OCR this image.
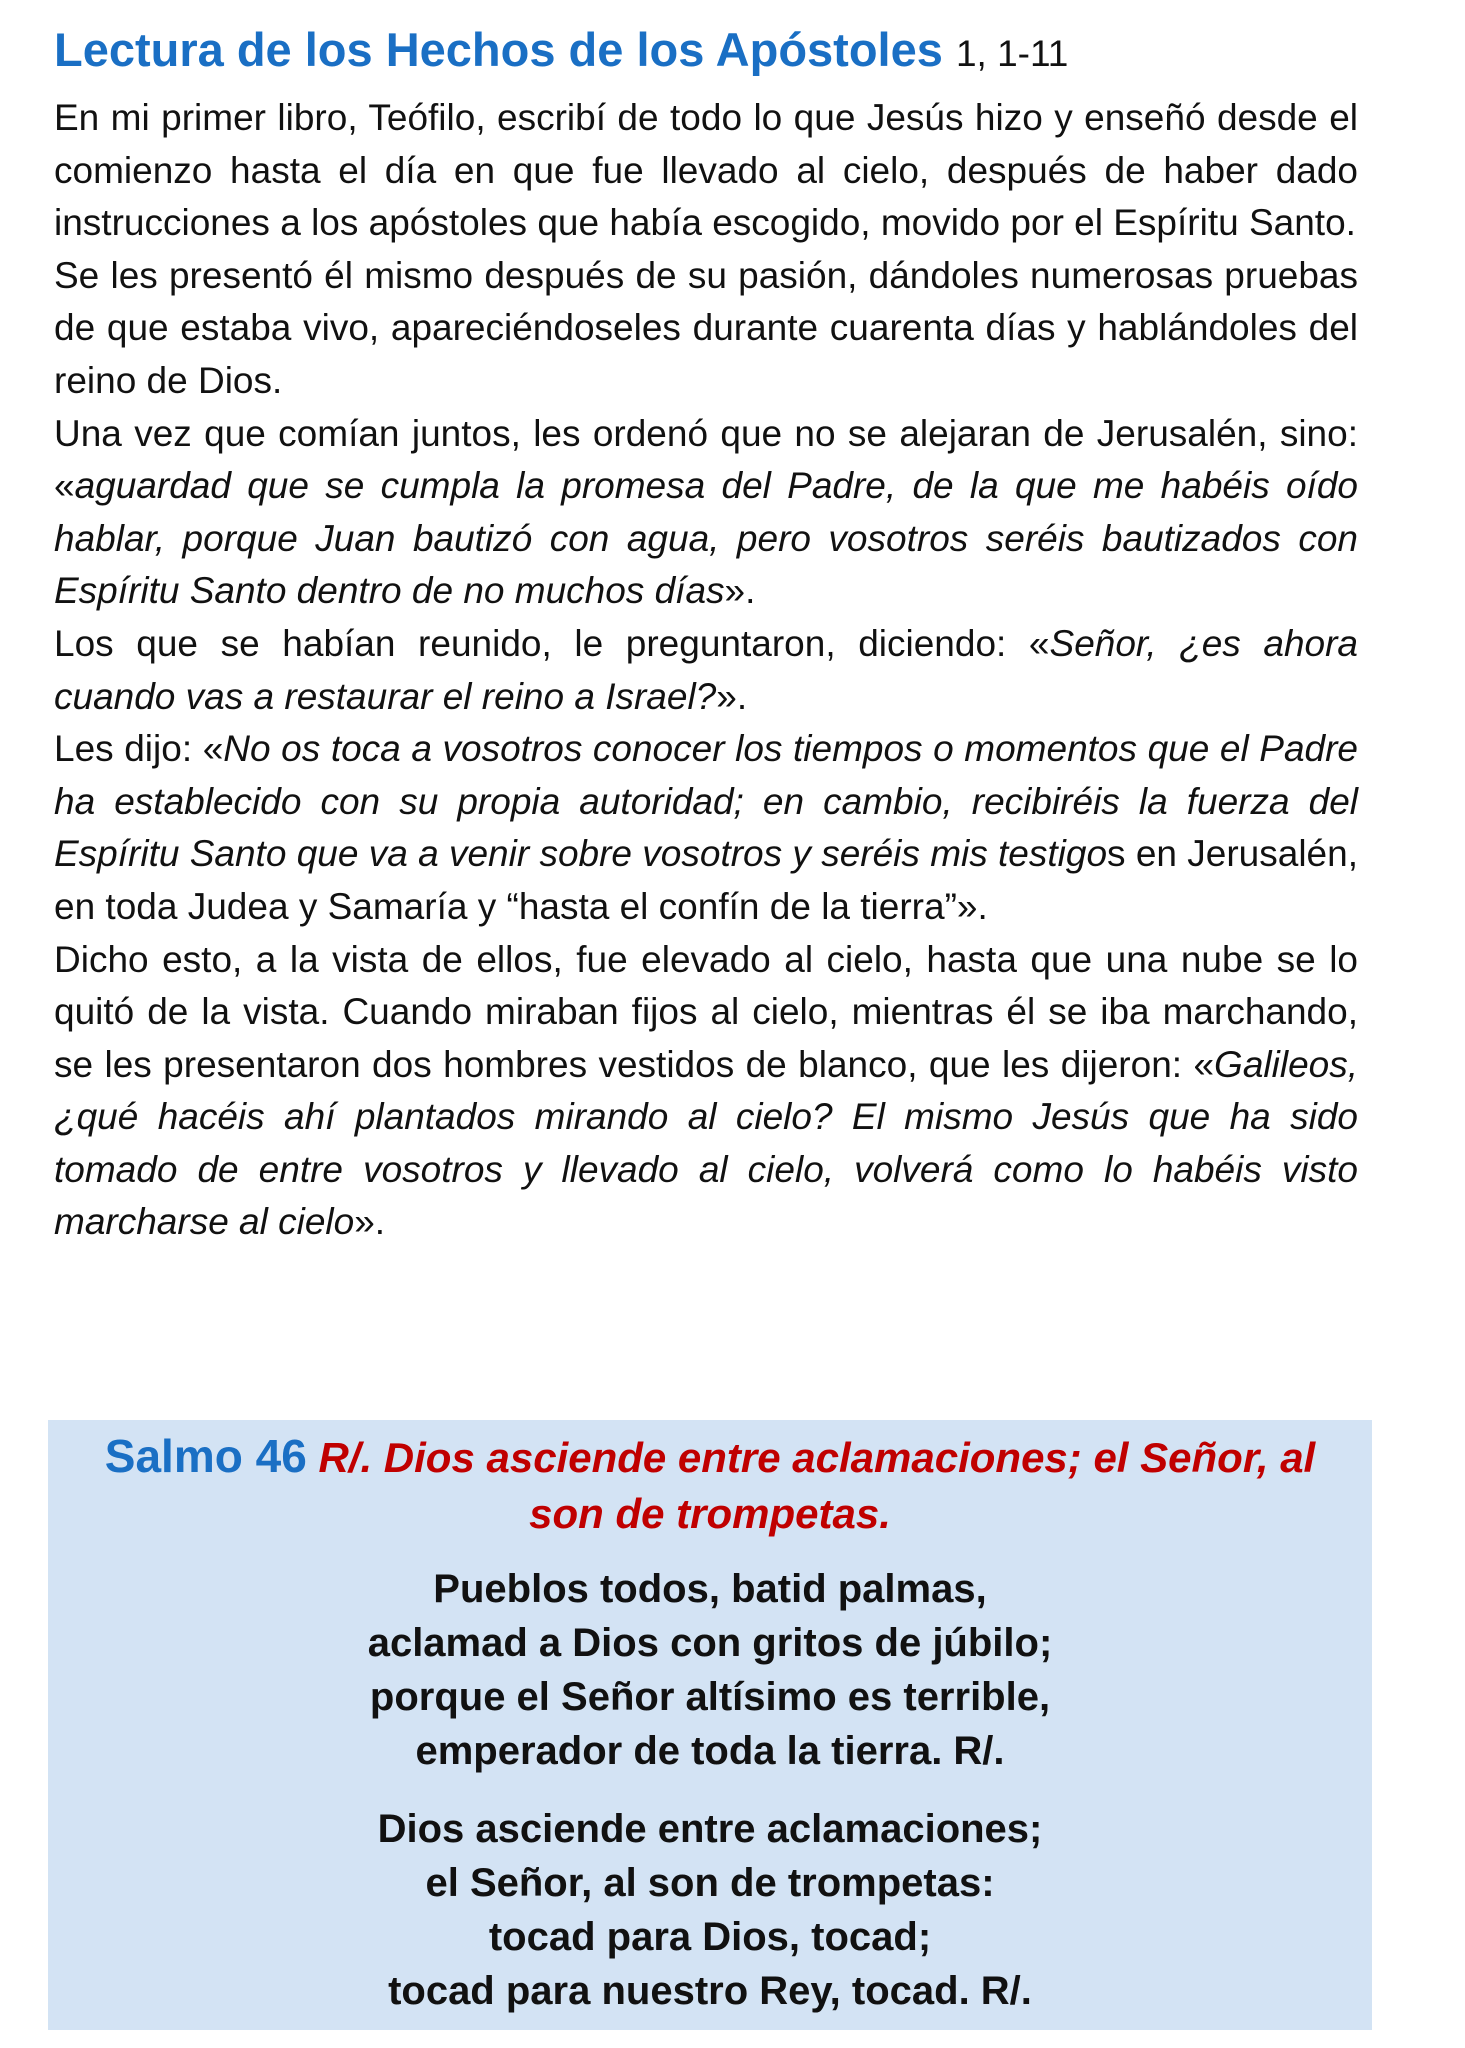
Lectura de los Hechos de los Apóstoles 1, 1-11

En mi primer libro, Teófilo, escribí de todo lo que Jesús hizo y enseñó desde el comienzo hasta el día en que fue llevado al cielo, después de haber dado instrucciones a los apóstoles que había escogido, movido por el Espíritu Santo.

Se les presentó él mismo después de su pasión, dándoles numerosas pruebas de que estaba vivo, apareciéndoseles durante cuarenta días y hablándoles del reino de Dios.

Una vez que comían juntos, les ordenó que no se alejaran de Jerusalén, sino: «aguardad que se cumpla la promesa del Padre, de la que me habéis oído hablar, porque Juan bautizó con agua, pero vosotros seréis bautizados con Espíritu Santo dentro de no muchos días».

Los que se habían reunido, le preguntaron, diciendo: «Señor, ¿es ahora cuando vas a restaurar el reino a Israel?».

Les dijo: «No os toca a vosotros conocer los tiempos o momentos que el Padre ha establecido con su propia autoridad; en cambio, recibiréis la fuerza del Espíritu Santo que va a venir sobre vosotros y seréis mis testigos en Jerusalén, en toda Judea y Samaría y “hasta el confín de la tierra”».

Dicho esto, a la vista de ellos, fue elevado al cielo, hasta que una nube se lo quitó de la vista. Cuando miraban fijos al cielo, mientras él se iba marchando, se les presentaron dos hombres vestidos de blanco, que les dijeron: «Galileos, ¿qué hacéis ahí plantados mirando al cielo? El mismo Jesús que ha sido tomado de entre vosotros y llevado al cielo, volverá como lo habéis visto marcharse al cielo».

Salmo 46 R/. Dios asciende entre aclamaciones; el Señor, al son de trompetas.

Pueblos todos, batid palmas,
aclamad a Dios con gritos de júbilo;
porque el Señor altísimo es terrible,
emperador de toda la tierra. R/.
Dios asciende entre aclamaciones;
el Señor, al son de trompetas:
tocad para Dios, tocad;
tocad para nuestro Rey, tocad. R/.
